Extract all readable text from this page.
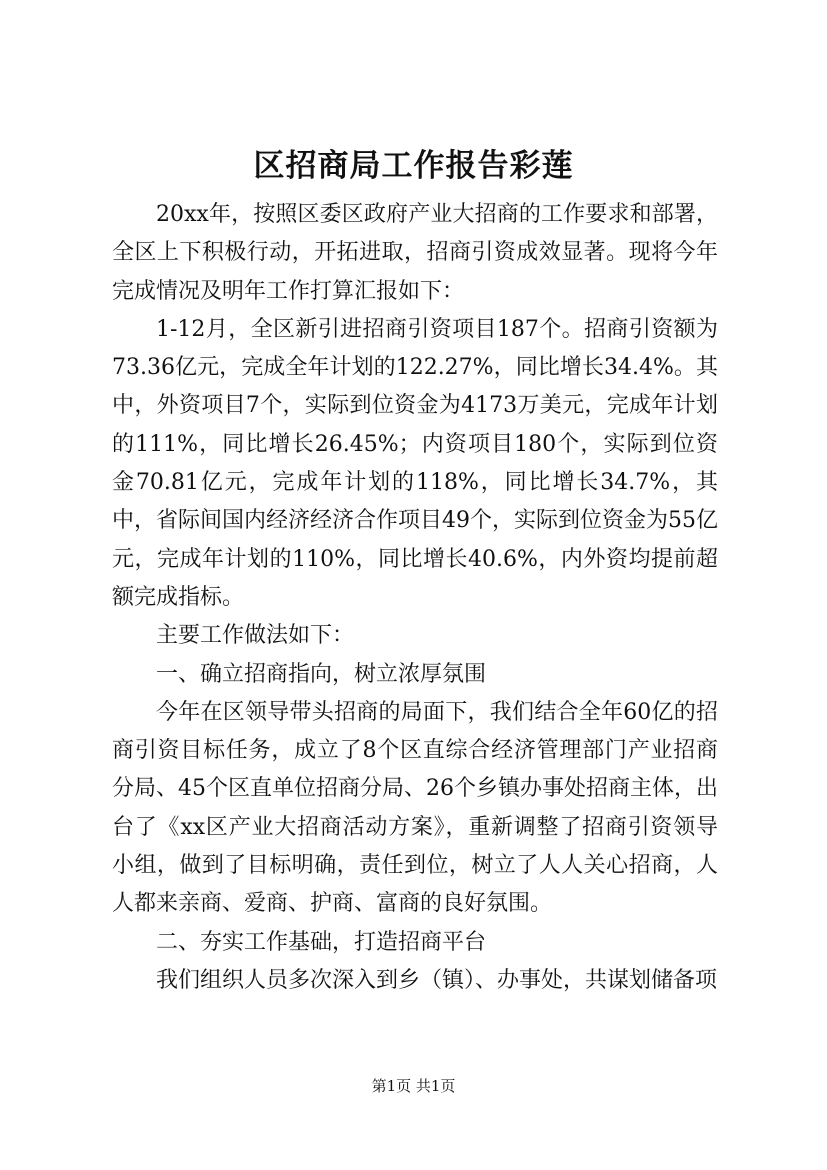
区招商局工作报告彩莲

20xx年，按照区委区政府产业大招商的工作要求和部署，全区上下积极行动，开拓进取，招商引资成效显著。现将今年完成情况及明年工作打算汇报如下：

1-12月，全区新引进招商引资项目187个。招商引资额为73.36亿元，完成全年计划的122.27%，同比增长34.4%。其中，外资项目7个，实际到位资金为4173万美元，完成年计划的111%，同比增长26.45%；内资项目180个，实际到位资金70.81亿元，完成年计划的118%，同比增长34.7%，其中，省际间国内经济经济合作项目49个，实际到位资金为55亿元，完成年计划的110%，同比增长40.6%，内外资均提前超额完成指标。

主要工作做法如下：

一、确立招商指向，树立浓厚氛围

今年在区领导带头招商的局面下，我们结合全年60亿的招商引资目标任务，成立了8个区直综合经济管理部门产业招商分局、45个区直单位招商分局、26个乡镇办事处招商主体，出台了《xx区产业大招商活动方案》，重新调整了招商引资领导小组，做到了目标明确，责任到位，树立了人人关心招商，人人都来亲商、爱商、护商、富商的良好氛围。

二、夯实工作基础，打造招商平台

我们组织人员多次深入到乡（镇）、办事处，共谋划储备项

第1页 共1页
